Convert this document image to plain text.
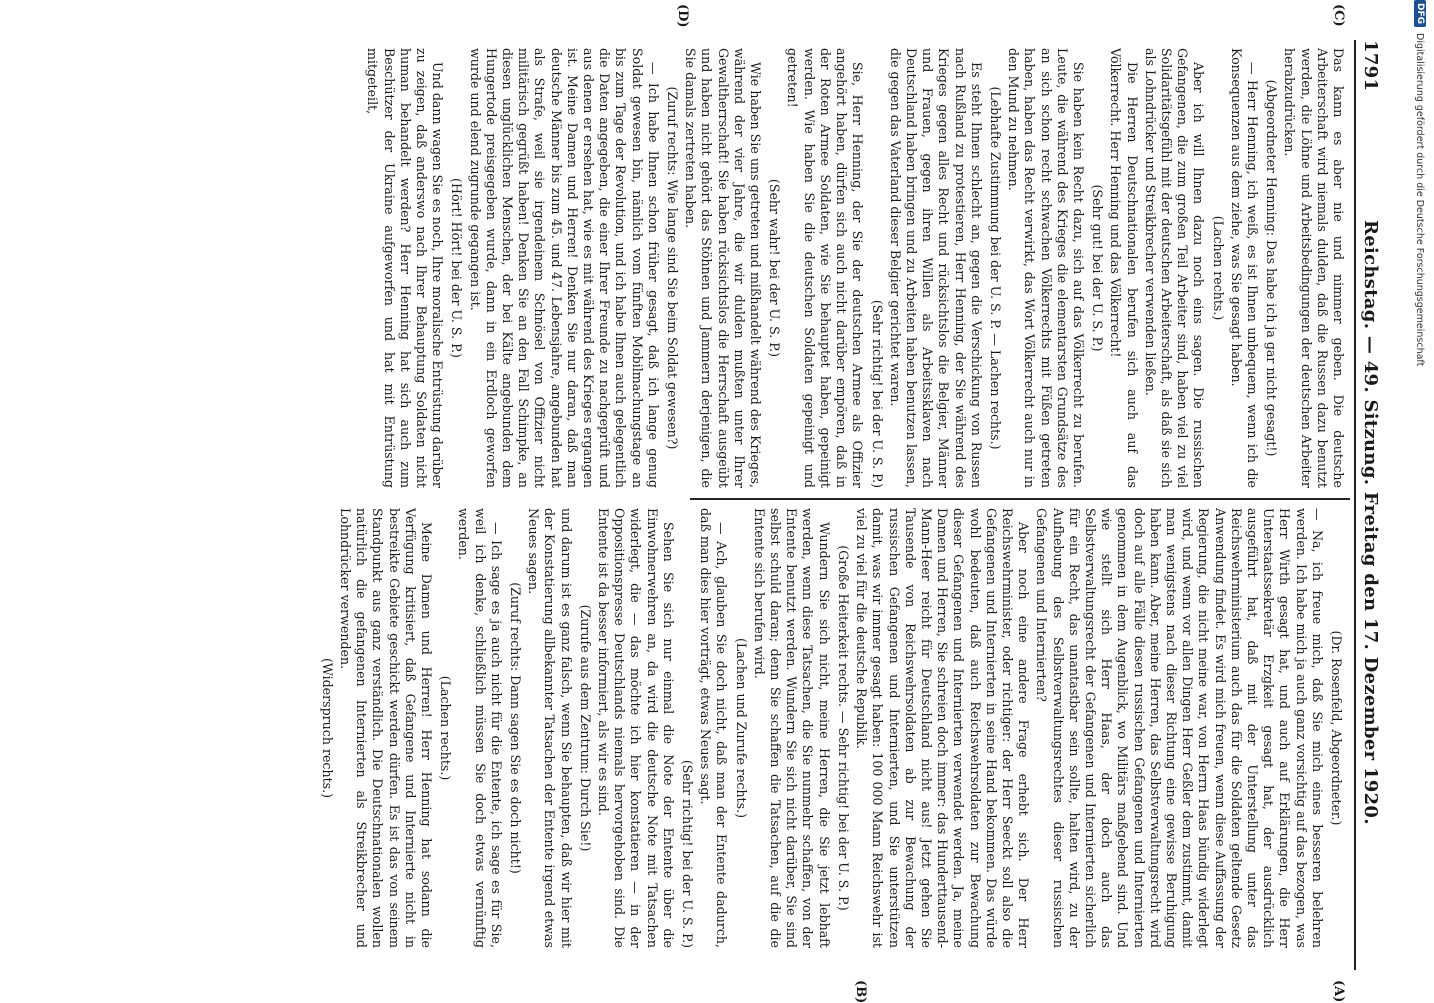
1791
Reichstag. — 49. Sitzung. Freitag den 17. Dezember 1920.
(A)
(B)
(C)
(D)

(Dr. Rosenfeld, Abgeordneter.)

— Na, ich freue mich, daß Sie mich eines besseren belehren werden. Ich habe mich ja auch ganz vorsichtig auf das bezogen, was Herr Wirth gesagt hat, und auch auf Erklärungen, die Herr Unterstaatssekretär Erzgkeit gesagt hat, der ausdrücklich ausgeführt hat, daß mit der Unterstellung unter das Reichswehrministerium auch das für die Soldaten geltende Gesetz Anwendung findet. Es wird mich freuen, wenn diese Auffassung der Regierung, die nicht meine war, von Herrn Haas bündig widerlegt wird, und wenn vor allen Dingen Herr Geßler dem zustimmt, damit man wenigstens nach dieser Richtung eine gewisse Beruhigung haben kann. Aber, meine Herren, das Selbstverwaltungsrecht wird doch auf alle Fälle diesen russischen Gefangenen und Internierten genommen in dem Augenblick, wo Militärs maßgebend sind. Und wie stellt sich Herr Haas, der doch auch das Selbstverwaltungsrecht der Gefangenen und Internierten sicherlich für ein Recht, das unantastbar sein sollte, halten wird, zu der Aufhebung des Selbstverwaltungsrechtes dieser russischen Gefangenen und Internierten?

Aber noch eine andere Frage erhebt sich. Der Herr Reichswehrminister, oder richtiger: der Herr Seeckt soll also die Gefangenen und Internierten in seine Hand bekommen. Das würde wohl bedeuten, daß auch Reichswehrsoldaten zur Bewachung dieser Gefangenen und Internierten verwendet werden. Ja, meine Damen und Herren, Sie schreien doch immer: das Hunderttausend-Mann-Heer reicht für Deutschland nicht aus! Jetzt gehen Sie Tausende von Reichswehrsoldaten ab zur Bewachung der russischen Gefangenen und Internierten, und Sie unterstützen damit, was wir immer gesagt haben: 100 000 Mann Reichswehr ist viel zu viel für die deutsche Republik.

(Große Heiterkeit rechts. — Sehr richtig! bei der U. S. P.)

Wundern Sie sich nicht, meine Herren, die Sie jetzt lebhaft werden, wenn diese Tatsachen, die Sie nunmehr schaffen, von der Entente benutzt werden. Wundern Sie sich nicht darüber, Sie sind selbst schuld daran; denn Sie schaffen die Tatsachen, auf die die Entente sich berufen wird.

(Lachen und Zurufe rechts.)

— Ach, glauben Sie doch nicht, daß man der Entente dadurch, daß man dies hier vorträgt, etwas Neues sagt.

(Sehr richtig! bei der U. S. P.)

Sehen Sie sich nur einmal die Note der Entente über die Einwohnerwehren an, da wird die deutsche Note mit Tatsachen widerlegt, die — das möchte ich hier konstatieren — in der Oppositionspresse Deutschlands niemals hervorgehoben sind. Die Entente ist da besser informiert, als wir es sind.

(Zurufe aus dem Zentrum: Durch Sie!)

und darum ist es ganz falsch, wenn Sie behaupten, daß wir hier mit der Konstatierung allbekannter Tatsachen der Entente irgend etwas Neues sagen.

(Zuruf rechts: Dann sagen Sie es doch nicht!)

— Ich sage es ja auch nicht für die Entente, ich sage es für Sie, weil ich denke, schließlich müssen Sie doch etwas vernünftig werden.

(Lachen rechts.)

Meine Damen und Herren! Herr Henning hat sodann die Verfügung kritisiert, daß Gefangene und Internierte nicht in bestreikte Gebiete geschickt werden dürfen. Es ist das von seinem Standpunkt aus ganz verständlich. Die Deutschnationalen wollen natürlich die gefangenen Internierten als Streikbrecher und Lohndrücker verwenden.

(Widerspruch rechts.)

Das kann es aber nie und nimmer geben. Die deutsche Arbeiterschaft wird niemals dulden, daß die Russen dazu benutzt werden, die Löhne und Arbeitsbedingungen der deutschen Arbeiter herabzudrücken.

(Abgeordneter Henning: Das habe ich ja gar nicht gesagt!)

— Herr Henning, ich weiß, es ist Ihnen unbequem, wenn ich die Konsequenzen aus dem ziehe, was Sie gesagt haben.

(Lachen rechts.)

Aber ich will Ihnen dazu noch eins sagen. Die russischen Gefangenen, die zum großen Teil Arbeiter sind, haben viel zu viel Solidaritätsgefühl mit der deutschen Arbeiterschaft, als daß sie sich als Lohndrücker und Streikbrecher verwenden ließen.

Die Herren Deutschnationalen berufen sich auch auf das Völkerrecht. Herr Henning und das Völkerrecht!

(Sehr gut! bei der U. S. P.)

Sie haben kein Recht dazu, sich auf das Völkerrecht zu berufen. Leute, die während des Krieges die elementarsten Grundsätze des an sich schon recht schwachen Völkerrechts mit Füßen getreten haben, haben das Recht verwirkt, das Wort Völkerrecht auch nur in den Mund zu nehmen.

(Lebhafte Zustimmung bei der U. S. P. — Lachen rechts.)

Es steht Ihnen schlecht an, gegen die Verschickung von Russen nach Rußland zu protestieren, Herr Henning, der Sie während des Krieges gegen alles Recht und rücksichtslos die Belgier, Männer und Frauen, gegen ihren Willen als Arbeitssklaven nach Deutschland haben bringen und zu Arbeiten haben benutzen lassen, die gegen das Vaterland dieser Belgier gerichtet waren.

(Sehr richtig! bei der U. S. P.)

Sie, Herr Henning, der Sie der deutschen Armee als Offizier angehört haben, dürfen sich auch nicht darüber empören, daß in der Roten Armee Soldaten, wie Sie behauptet haben, gepeinigt werden. Wie haben Sie die deutschen Soldaten gepeinigt und getreten!

(Sehr wahr! bei der U. S. P.)

Wie haben Sie uns getreten und mißhandelt während des Krieges, während der vier Jahre, die wir dulden mußten unter Ihrer Gewaltherrschaft! Sie haben rücksichtslos die Herrschaft ausgeübt und haben nicht gehört das Stöhnen und Jammern derjenigen, die Sie damals zertreten haben.

(Zuruf rechts: Wie lange sind Sie beim Soldat gewesen?)

— Ich habe Ihnen schon früher gesagt, daß ich lange genug Soldat gewesen bin, nämlich vom fünften Mobilmachungstage an bis zum Tage der Revolution, und ich habe Ihnen auch gelegentlich die Daten angegeben, die einer Ihrer Freunde zu nachgeprüft und aus denen er ersehen hat, wie es mit während des Krieges ergangen ist. Meine Damen und Herren! Denken Sie nur daran, daß man deutsche Männer bis zum 45. und 47. Lebensjahre, angebunden hat als Strafe, weil sie irgendeinem Schnösel von Offizier nicht militärisch gegrüßt haben! Denken Sie an den Fall Schimpke, an diesen unglücklichen Menschen, der bei Kälte angebunden dem Hungertode preisgegeben wurde, dann in ein Erdloch geworfen wurde und elend zugrunde gegangen ist.

(Hört! Hört! bei der U. S. P.)

Und dann wagen Sie es noch, Ihre moralische Entrüstung darüber zu zeigen, daß anderswo nach Ihrer Behauptung Soldaten nicht human behandelt werden? Herr Henning hat sich auch zum Beschützer der Ukraine aufgeworfen und hat mit Entrüstung mitgeteilt,

DFG
Digitalisierung gefördert durch die Deutsche Forschungsgemeinschaft
